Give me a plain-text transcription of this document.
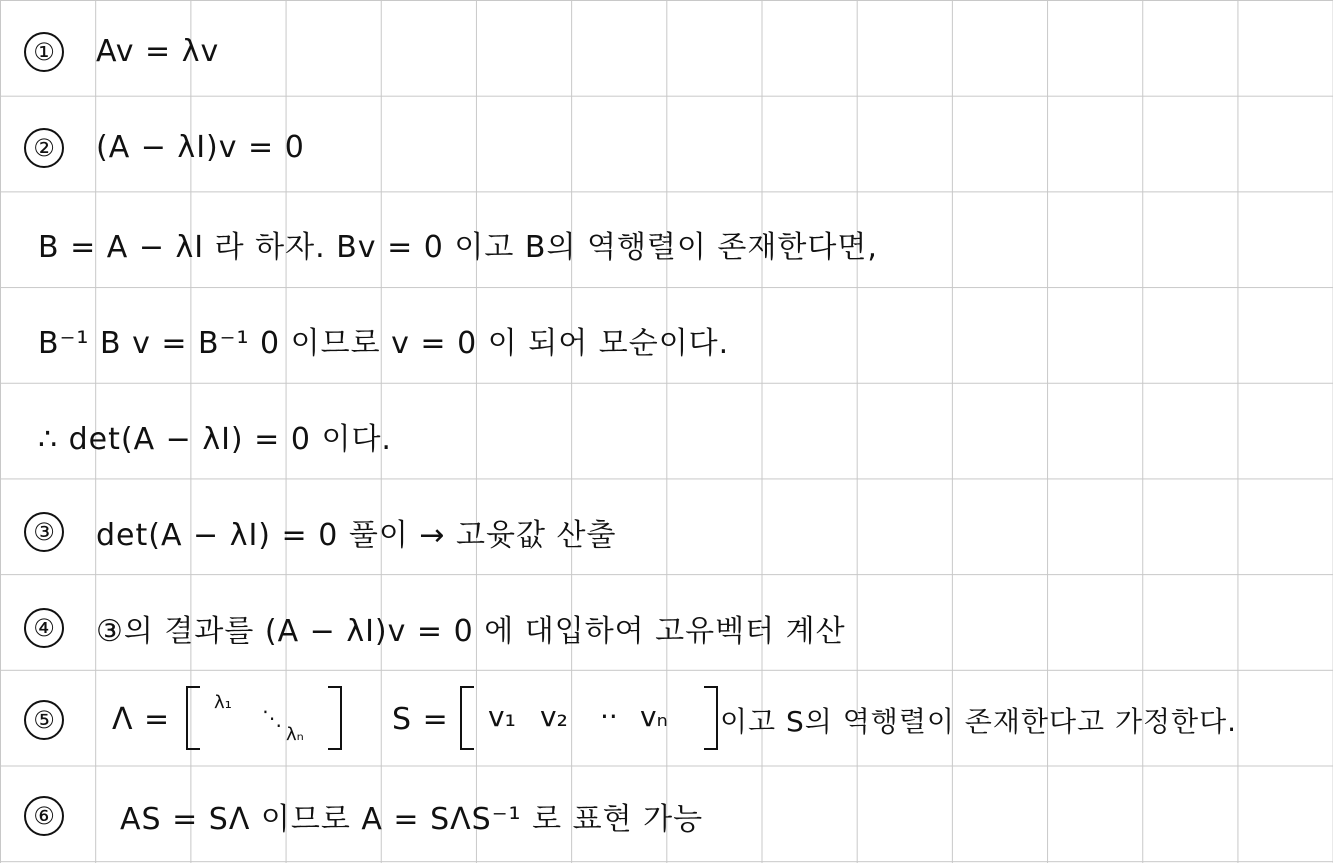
①	Av = λv
②	(A − λI)v = 0
B = A − λI 라 하자. Bv = 0 이고 B의 역행렬이 존재한다면,
B⁻¹ B v = B⁻¹ 0 이므로 v = 0 이 되어 모순이다.
∴ det(A − λI) = 0 이다.
③	det(A − λI) = 0 풀이 → 고윳값 산출
④	③의 결과를 (A − λI)v = 0 에 대입하여 고유벡터 계산
⑤	Λ = λ₁
⋱
λₙ	S = v₁ v₂ ·· vₙ 이고 S의 역행렬이 존재한다고 가정한다.
⑥	AS = SΛ 이므로 A = SΛS⁻¹ 로 표현 가능
